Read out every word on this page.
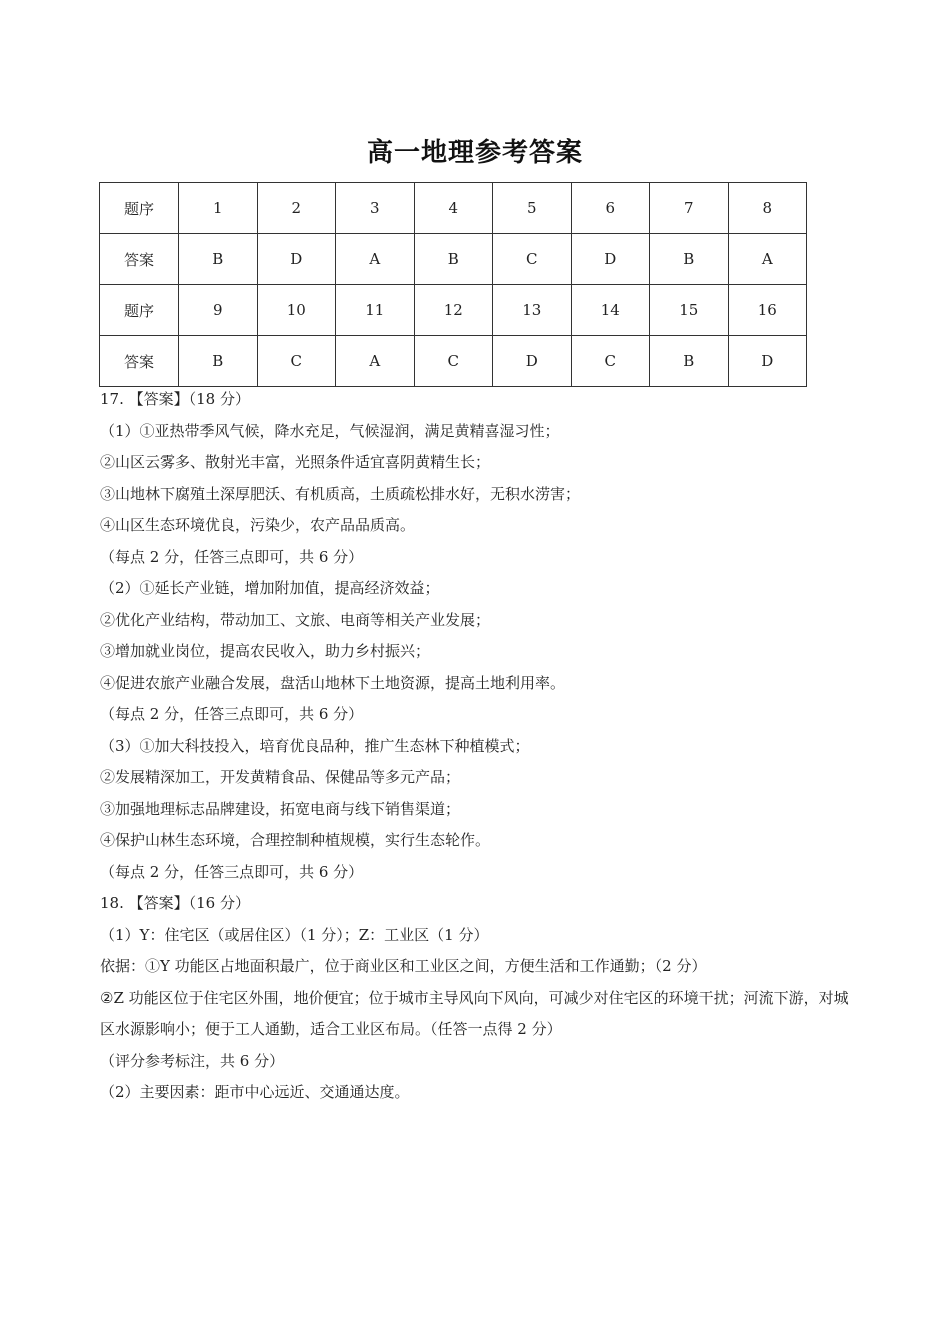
高一地理参考答案
题序	1	2	3	4	5	6	7	8
答案	B	D	A	B	C	D	B	A
题序	9	10	11	12	13	14	15	16
答案	B	C	A	C	D	C	B	D
17. 【答案】（18 分）
（1）①亚热带季风气候，降水充足，气候湿润，满足黄精喜湿习性；
②山区云雾多、散射光丰富，光照条件适宜喜阴黄精生长；
③山地林下腐殖土深厚肥沃、有机质高，土质疏松排水好，无积水涝害；
④山区生态环境优良，污染少，农产品品质高。
（每点 2 分，任答三点即可，共 6 分）
（2）①延长产业链，增加附加值，提高经济效益；
②优化产业结构，带动加工、文旅、电商等相关产业发展；
③增加就业岗位，提高农民收入，助力乡村振兴；
④促进农旅产业融合发展，盘活山地林下土地资源，提高土地利用率。
（每点 2 分，任答三点即可，共 6 分）
（3）①加大科技投入，培育优良品种，推广生态林下种植模式；
②发展精深加工，开发黄精食品、保健品等多元产品；
③加强地理标志品牌建设，拓宽电商与线下销售渠道；
④保护山林生态环境，合理控制种植规模，实行生态轮作。
（每点 2 分，任答三点即可，共 6 分）
18. 【答案】（16 分）
（1）Y：住宅区（或居住区）（1 分）；Z：工业区（1 分）
依据：①Y 功能区占地面积最广，位于商业区和工业区之间，方便生活和工作通勤；（2 分）
②Z 功能区位于住宅区外围，地价便宜；位于城市主导风向下风向，可减少对住宅区的环境干扰；河流下游，对城区水源影响小；便于工人通勤，适合工业区布局。（任答一点得 2 分）
（评分参考标注，共 6 分）
（2）主要因素：距市中心远近、交通通达度。
